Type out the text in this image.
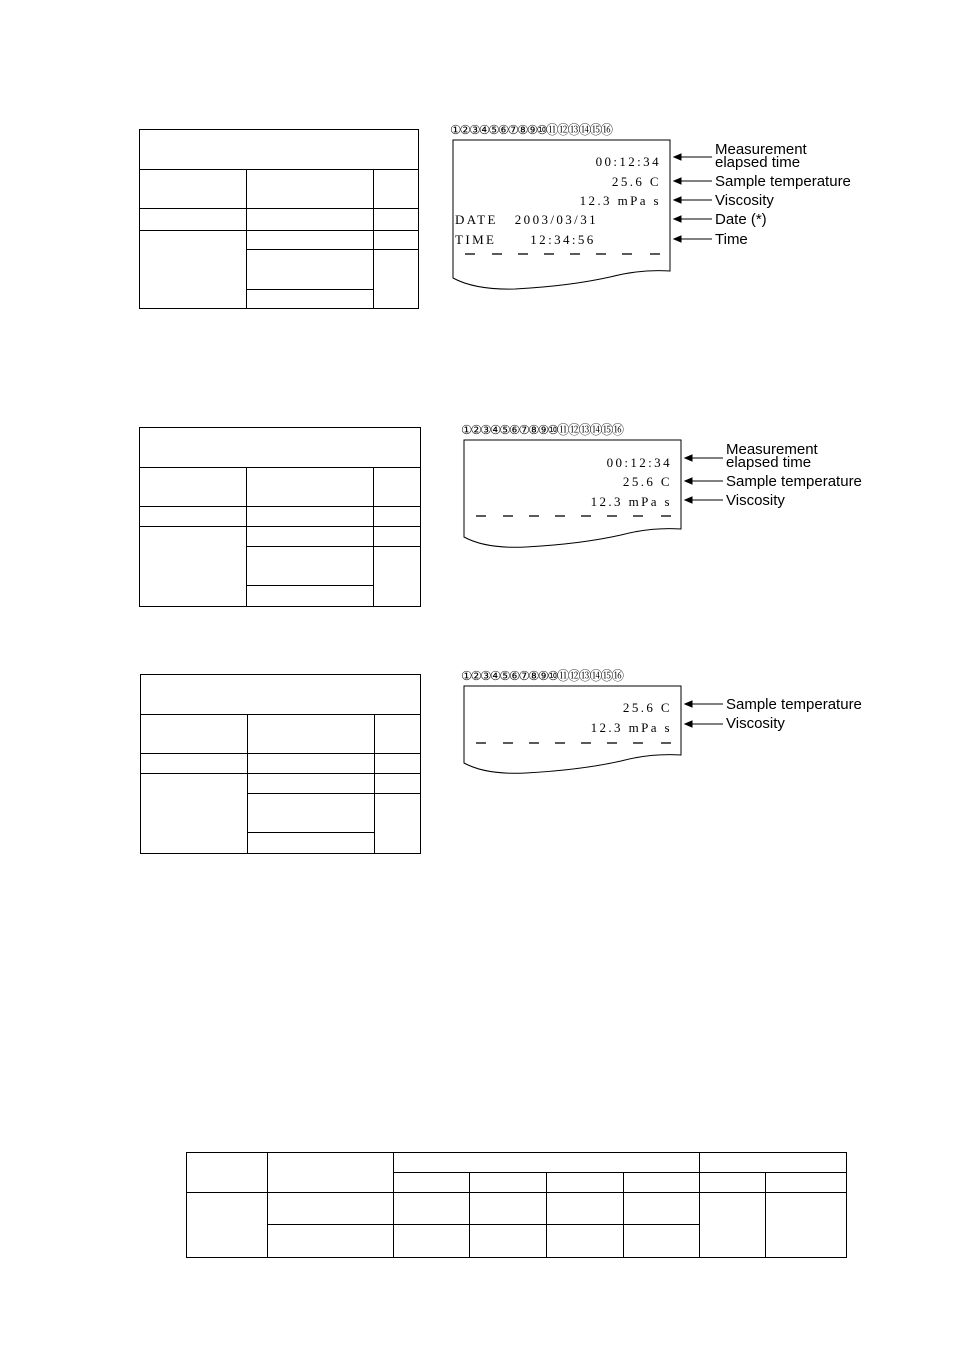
①②③④⑤⑥⑦⑧⑨⑩⑪⑫⑬⑭⑮⑯
00:12:34
25.6 C
12.3 mPa s
DATE   2003/03/31
TIME      12:34:56
Measurement
elapsed time
Sample temperature
Viscosity
Date (*)
Time
①②③④⑤⑥⑦⑧⑨⑩⑪⑫⑬⑭⑮⑯
00:12:34
25.6 C
12.3 mPa s
Measurement
elapsed time
Sample temperature
Viscosity
①②③④⑤⑥⑦⑧⑨⑩⑪⑫⑬⑭⑮⑯
25.6 C
12.3 mPa s
Sample temperature
Viscosity
